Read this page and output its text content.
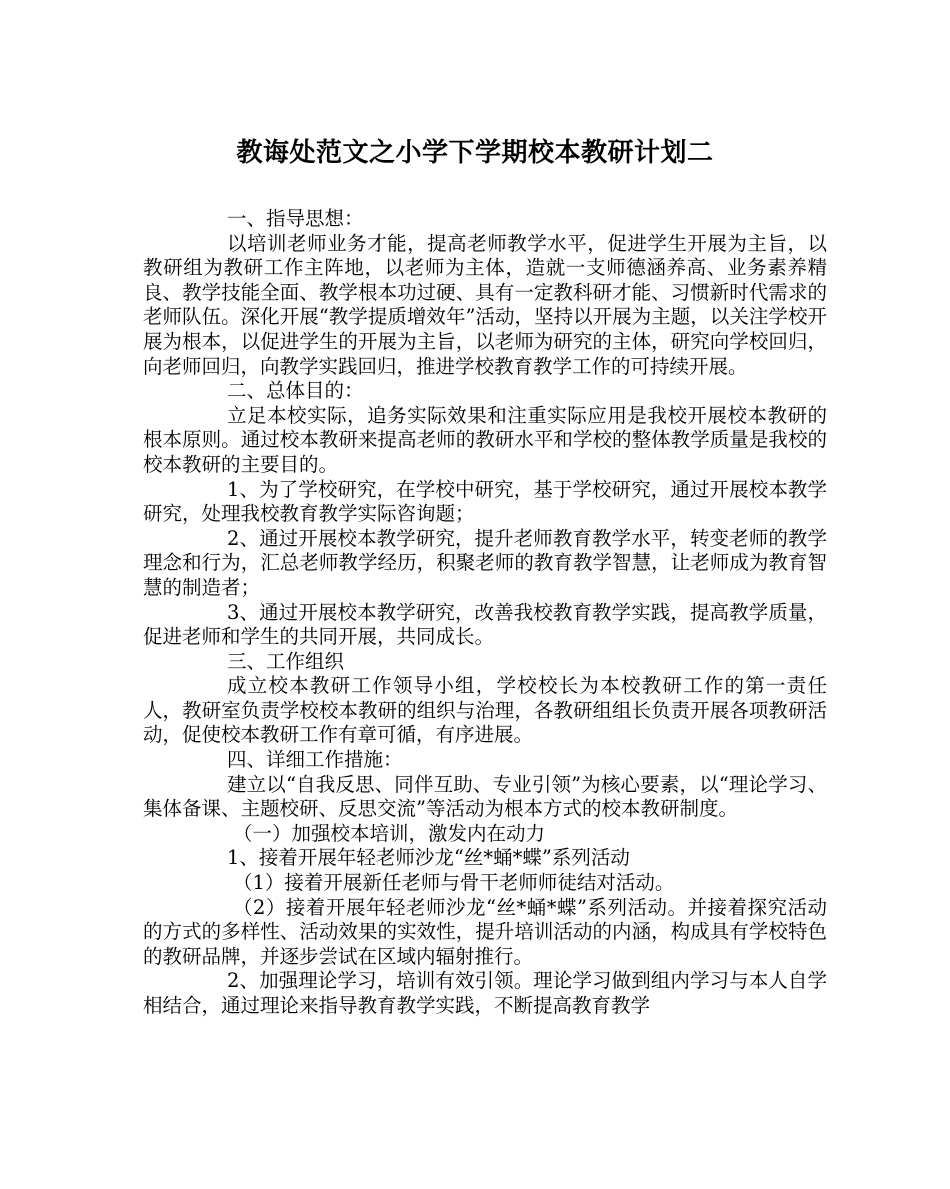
教诲处范文之小学下学期校本教研计划二

一、指导思想：

以培训老师业务才能，提高老师教学水平，促进学生开展为主旨，以教研组为教研工作主阵地，以老师为主体，造就一支师德涵养高、业务素养精良、教学技能全面、教学根本功过硬、具有一定教科研才能、习惯新时代需求的老师队伍。深化开展“教学提质增效年”活动，坚持以开展为主题，以关注学校开展为根本，以促进学生的开展为主旨，以老师为研究的主体，研究向学校回归，向老师回归，向教学实践回归，推进学校教育教学工作的可持续开展。

二、总体目的：

立足本校实际，追务实际效果和注重实际应用是我校开展校本教研的根本原则。通过校本教研来提高老师的教研水平和学校的整体教学质量是我校的校本教研的主要目的。

1、为了学校研究，在学校中研究，基于学校研究，通过开展校本教学研究，处理我校教育教学实际咨询题；

2、通过开展校本教学研究，提升老师教育教学水平，转变老师的教学理念和行为，汇总老师教学经历，积聚老师的教育教学智慧，让老师成为教育智慧的制造者；

3、通过开展校本教学研究，改善我校教育教学实践，提高教学质量，促进老师和学生的共同开展，共同成长。

三、工作组织

成立校本教研工作领导小组，学校校长为本校教研工作的第一责任人，教研室负责学校校本教研的组织与治理，各教研组组长负责开展各项教研活动，促使校本教研工作有章可循，有序进展。

四、详细工作措施：

建立以“自我反思、同伴互助、专业引领”为核心要素，以“理论学习、集体备课、主题校研、反思交流”等活动为根本方式的校本教研制度。

（一）加强校本培训，激发内在动力

1、接着开展年轻老师沙龙“丝*蛹*蝶”系列活动

（1）接着开展新任老师与骨干老师师徒结对活动。

（2）接着开展年轻老师沙龙“丝*蛹*蝶”系列活动。并接着探究活动的方式的多样性、活动效果的实效性，提升培训活动的内涵，构成具有学校特色的教研品牌，并逐步尝试在区域内辐射推行。

2、加强理论学习，培训有效引领。理论学习做到组内学习与本人自学相结合，通过理论来指导教育教学实践，不断提高教育教学
